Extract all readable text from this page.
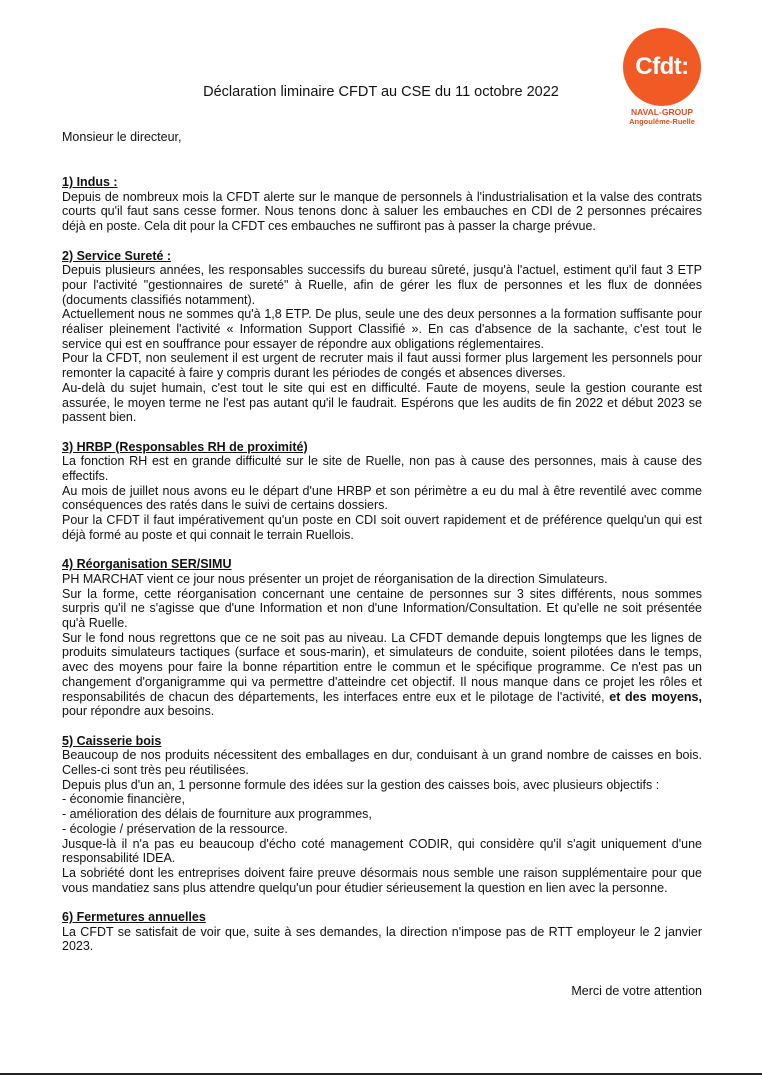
Cfdt:
NAVAL-GROUP
Angoulême-Ruelle
Déclaration liminaire CFDT au CSE du 11 octobre 2022
Monsieur le directeur,
1) Indus :
Depuis de nombreux mois la CFDT alerte sur le manque de personnels à l'industrialisation et la valse des contrats courts qu'il faut sans cesse former. Nous tenons donc à saluer les embauches en CDI de 2 personnes précaires déjà en poste. Cela dit pour la CFDT ces embauches ne suffiront pas à passer la charge prévue.
2) Service Sureté :
Depuis plusieurs années, les responsables successifs du bureau sûreté, jusqu'à l'actuel, estiment qu'il faut 3 ETP pour l'activité "gestionnaires de sureté" à Ruelle, afin de gérer les flux de personnes et les flux de données (documents classifiés notamment).
Actuellement nous ne sommes qu'à 1,8 ETP. De plus, seule une des deux personnes a la formation suffisante pour réaliser pleinement l'activité « Information Support Classifié ». En cas d'absence de la sachante, c'est tout le service qui est en souffrance pour essayer de répondre aux obligations réglementaires.
Pour la CFDT, non seulement il est urgent de recruter mais il faut aussi former plus largement les personnels pour remonter la capacité à faire y compris durant les périodes de congés et absences diverses.
Au-delà du sujet humain, c'est tout le site qui est en difficulté. Faute de moyens, seule la gestion courante est assurée, le moyen terme ne l'est pas autant qu'il le faudrait. Espérons que les audits de fin 2022 et début 2023 se passent bien.
3) HRBP (Responsables RH de proximité)
La fonction RH est en grande difficulté sur le site de Ruelle, non pas à cause des personnes, mais à cause des effectifs.
Au mois de juillet nous avons eu le départ d'une HRBP et son périmètre a eu du mal à être reventilé avec comme conséquences des ratés dans le suivi de certains dossiers.
Pour la CFDT il faut impérativement qu'un poste en CDI soit ouvert rapidement et de préférence quelqu'un qui est déjà formé au poste et qui connait le terrain Ruellois.
4) Réorganisation SER/SIMU
PH MARCHAT vient ce jour nous présenter un projet de réorganisation de la direction Simulateurs.
Sur la forme, cette réorganisation concernant une centaine de personnes sur 3 sites différents, nous sommes surpris qu'il ne s'agisse que d'une Information et non d'une Information/Consultation. Et qu'elle ne soit présentée qu'à Ruelle.
Sur le fond nous regrettons que ce ne soit pas au niveau. La CFDT demande depuis longtemps que les lignes de produits simulateurs tactiques (surface et sous-marin), et simulateurs de conduite, soient pilotées dans le temps, avec des moyens pour faire la bonne répartition entre le commun et le spécifique programme. Ce n'est pas un changement d'organigramme qui va permettre d'atteindre cet objectif. Il nous manque dans ce projet les rôles et responsabilités de chacun des départements, les interfaces entre eux et le pilotage de l'activité, et des moyens, pour répondre aux besoins.
5) Caisserie bois
Beaucoup de nos produits nécessitent des emballages en dur, conduisant à un grand nombre de caisses en bois. Celles-ci sont très peu réutilisées.
Depuis plus d'un an, 1 personne formule des idées sur la gestion des caisses bois, avec plusieurs objectifs :
- économie financière,
- amélioration des délais de fourniture aux programmes,
- écologie / préservation de la ressource.
Jusque-là il n'a pas eu beaucoup d'écho coté management CODIR, qui considère qu'il s'agit uniquement d'une responsabilité IDEA.
La sobriété dont les entreprises doivent faire preuve désormais nous semble une raison supplémentaire pour que vous mandatiez sans plus attendre quelqu'un pour étudier sérieusement la question en lien avec la personne.
6) Fermetures annuelles
La CFDT se satisfait de voir que, suite à ses demandes, la direction n'impose pas de RTT employeur le 2 janvier 2023.
Merci de votre attention
